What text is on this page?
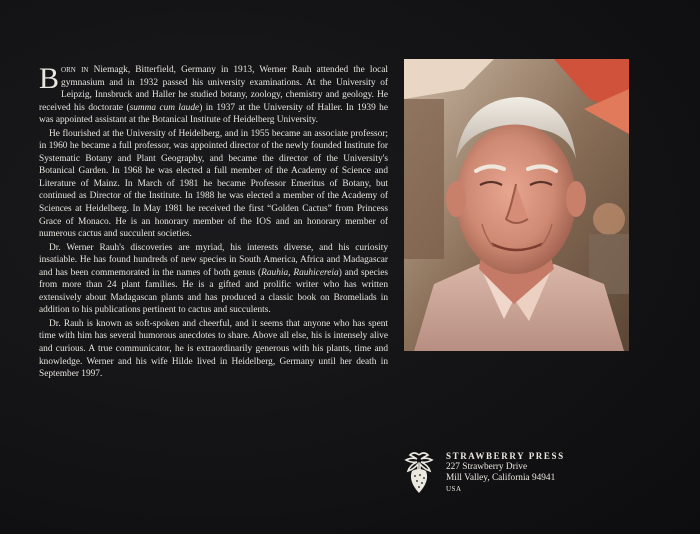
Born in Niemagk, Bitterfield, Germany in 1913, Werner Rauh attended the local gymnasium and in 1932 passed his university examinations. At the University of Leipzig, Innsbruck and Haller he studied botany, zoology, chemistry and geology. He received his doctorate (summa cum laude) in 1937 at the University of Haller. In 1939 he was appointed assistant at the Botanical Institute of Heidelberg University.

He flourished at the University of Heidelberg, and in 1955 became an associate professor; in 1960 he became a full professor, was appointed director of the newly founded Institute for Systematic Botany and Plant Geography, and became the director of the University's Botanical Garden. In 1968 he was elected a full member of the Academy of Science and Literature of Mainz. In March of 1981 he became Professor Emeritus of Botany, but continued as Director of the Institute. In 1988 he was elected a member of the Academy of Sciences at Heidelberg. In May 1981 he received the first “Golden Cactus” from Princess Grace of Monaco. He is an honorary member of the IOS and an honorary member of numerous cactus and succulent societies.

Dr. Werner Rauh's discoveries are myriad, his interests diverse, and his curiosity insatiable. He has found hundreds of new species in South America, Africa and Madagascar and has been commemorated in the names of both genus (Rauhia, Rauhicereia) and species from more than 24 plant families. He is a gifted and prolific writer who has written extensively about Madagascan plants and has produced a classic book on Bromeliads in addition to his publications pertinent to cactus and succulents.

Dr. Rauh is known as soft-spoken and cheerful, and it seems that anyone who has spent time with him has several humorous anecdotes to share. Above all else, his is intensely alive and curious. A true communicator, he is extraordinarily generous with his plants, time and knowledge. Werner and his wife Hilde lived in Heidelberg, Germany until her death in September 1997.

STRAWBERRY PRESS
227 Strawberry Drive
Mill Valley, California 94941
USA
